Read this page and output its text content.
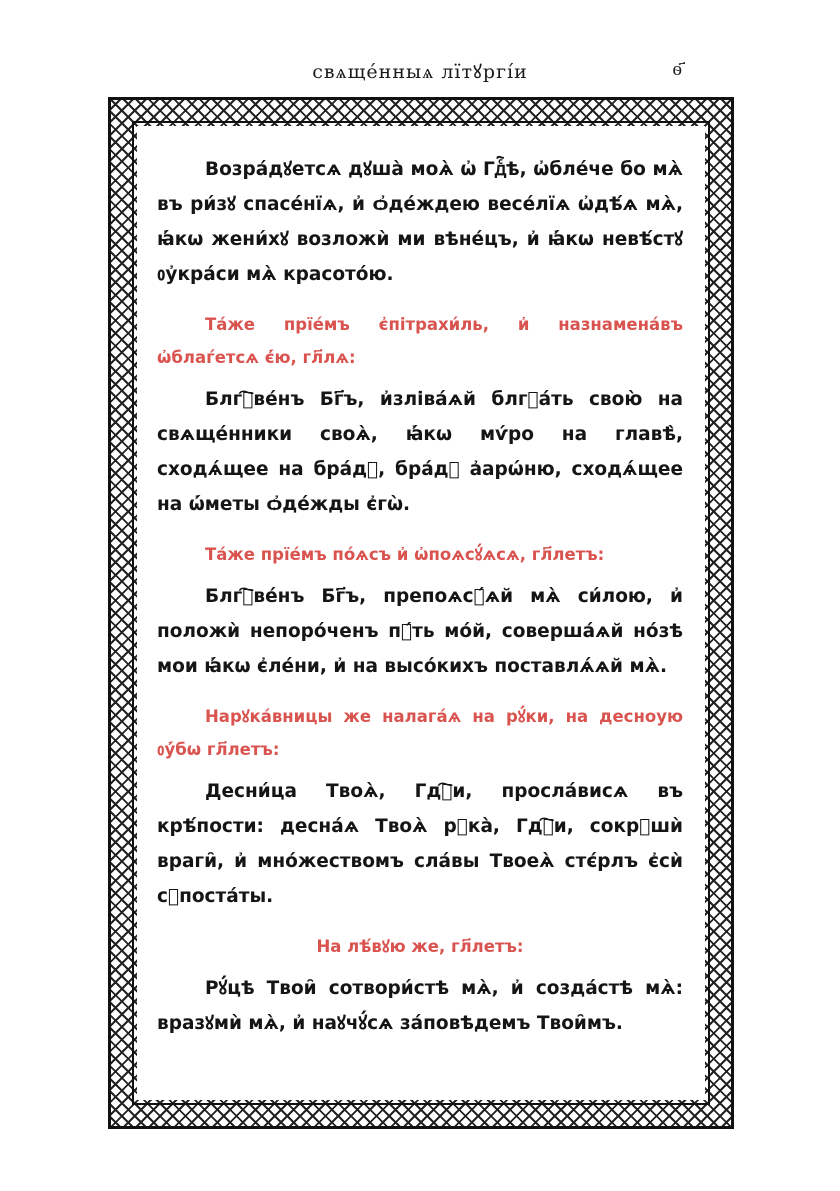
свѧще́нныѧ лїтꙋргі́и	ѳ҃

Возра́дꙋетсѧ дꙋша̀ моѧ̀ ѡ҆ Гдⷭ҇ѣ, ѡ҆бле́че бо мѧ̀ въ ри́зꙋ спасе́нїѧ, и҆ ѻ҆де́ждею весе́лїѧ ѡ҆дѣ́ѧ мѧ̀, ꙗ҆́кѡ жени́хꙋ возложѝ ми вѣне́цъ, и҆ ꙗ҆́кѡ невѣ́стꙋ ᲂу҆кра́си мѧ̀ красото́ю.

Та́же прїе́мъ є҆пітрахи́ль, и҆ назнамена́въ ѡ҆блаѓетсѧ є҆́ю, гл҃лѧ:

Блгⷭ҇ве́нъ Бг҃ъ, и҆зліва́ѧй блгⷣа́ть свою̀ на свѧще́нники своѧ̀, ꙗ҆́кѡ мѵ́ро на главѣ̀, сходѧ́щее на бра́дꙋ, бра́дꙋ а҆арѡ́ню, сходѧ́щее на ѡ҆́меты ѻ҆де́жды є҆гѡ̀.

Та́же прїе́мъ по́ѧсъ и҆ ѡ҆поѧсꙋ́ѧсѧ, гл҃летъ:

Блгⷭ҇ве́нъ Бг҃ъ, препоѧсꙋ́ѧй мѧ̀ си́лою, и҆ положѝ непоро́ченъ пꙋ́ть мо́й, соверша́ѧй но́зѣ мои ꙗ҆́кѡ є҆ле́ни, и҆ на высо́кихъ поставлѧ́ѧй мѧ̀.

Нарꙋка́вницы же налага́ѧ на рꙋ́ки, на десноую ᲂу҆́бѡ гл҃летъ:

Десни́ца Твоѧ̀, Гдⷭ҇и, просла́висѧ въ крѣ́пости: десна́ѧ Твоѧ̀ рꙋка̀, Гдⷭ҇и, сокрꙋшѝ враги̑, и҆ мно́жествомъ сла́вы Твоеѧ̀ стє́рлъ є҆сѝ сꙋпоста́ты.

На лѣ́вꙋю же, гл҃летъ:

Рꙋ́цѣ Твои̑ сотвори́стѣ мѧ̀, и҆ созда́стѣ мѧ̀: вразꙋмѝ мѧ̀, и҆ наꙋчꙋ́сѧ за́повѣдемъ Твои̑мъ.
